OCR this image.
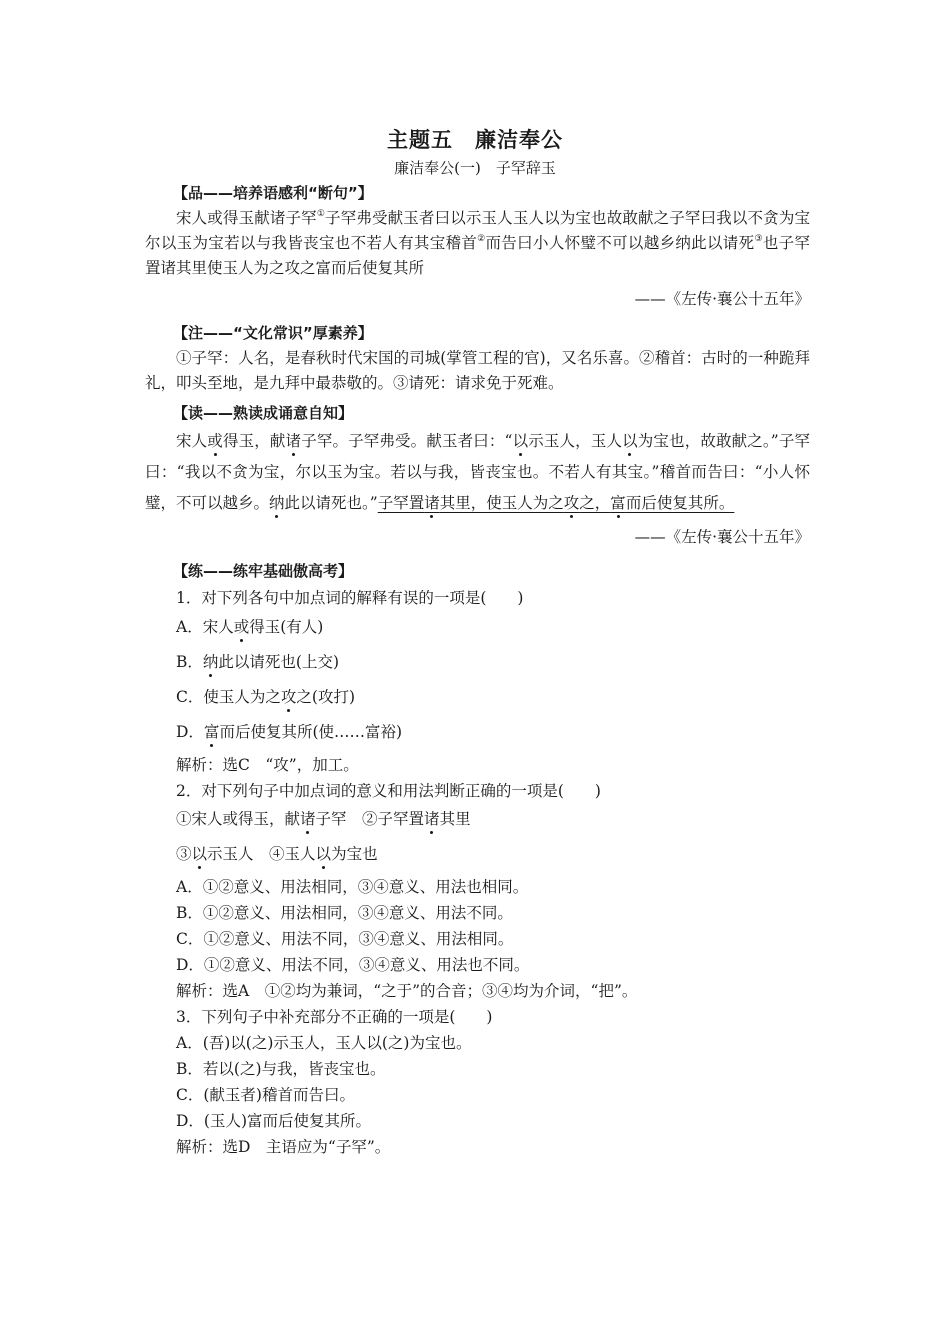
主题五　廉洁奉公
廉洁奉公(一)　子罕辞玉
【品——培养语感利“断句”】

宋人或得玉献诸子罕①子罕弗受献玉者曰以示玉人玉人以为宝也故敢献之子罕曰我以不贪为宝尔以玉为宝若以与我皆丧宝也不若人有其宝稽首②而告曰小人怀璧不可以越乡纳此以请死③也子罕置诸其里使玉人为之攻之富而后使复其所

——《左传·襄公十五年》
【注——“文化常识”厚素养】

①子罕：人名，是春秋时代宋国的司城(掌管工程的官)，又名乐喜。②稽首：古时的一种跪拜礼，叩头至地，是九拜中最恭敬的。③请死：请求免于死难。

【读——熟读成诵意自知】

宋人或得玉，献诸子罕。子罕弗受。献玉者曰：“以示玉人，玉人以为宝也，故敢献之。”子罕曰：“我以不贪为宝，尔以玉为宝。若以与我，皆丧宝也。不若人有其宝。”稽首而告曰：“小人怀璧，不可以越乡。纳此以请死也。”子罕置诸其里，使玉人为之攻之，富而后使复其所。

——《左传·襄公十五年》
【练——练牢基础傲高考】
1．对下列各句中加点词的解释有误的一项是(　　)
A．宋人或得玉(有人)
B．纳此以请死也(上交)
C．使玉人为之攻之(攻打)
D．富而后使复其所(使……富裕)
解析：选C　“攻”，加工。
2．对下列句子中加点词的意义和用法判断正确的一项是(　　)
①宋人或得玉，献诸子罕　②子罕置诸其里
③以示玉人　④玉人以为宝也
A．①②意义、用法相同，③④意义、用法也相同。
B．①②意义、用法相同，③④意义、用法不同。
C．①②意义、用法不同，③④意义、用法相同。
D．①②意义、用法不同，③④意义、用法也不同。
解析：选A　①②均为兼词，“之于”的合音；③④均为介词，“把”。
3．下列句子中补充部分不正确的一项是(　　)
A．(吾)以(之)示玉人，玉人以(之)为宝也。
B．若以(之)与我，皆丧宝也。
C．(献玉者)稽首而告曰。
D．(玉人)富而后使复其所。
解析：选D　主语应为“子罕”。
